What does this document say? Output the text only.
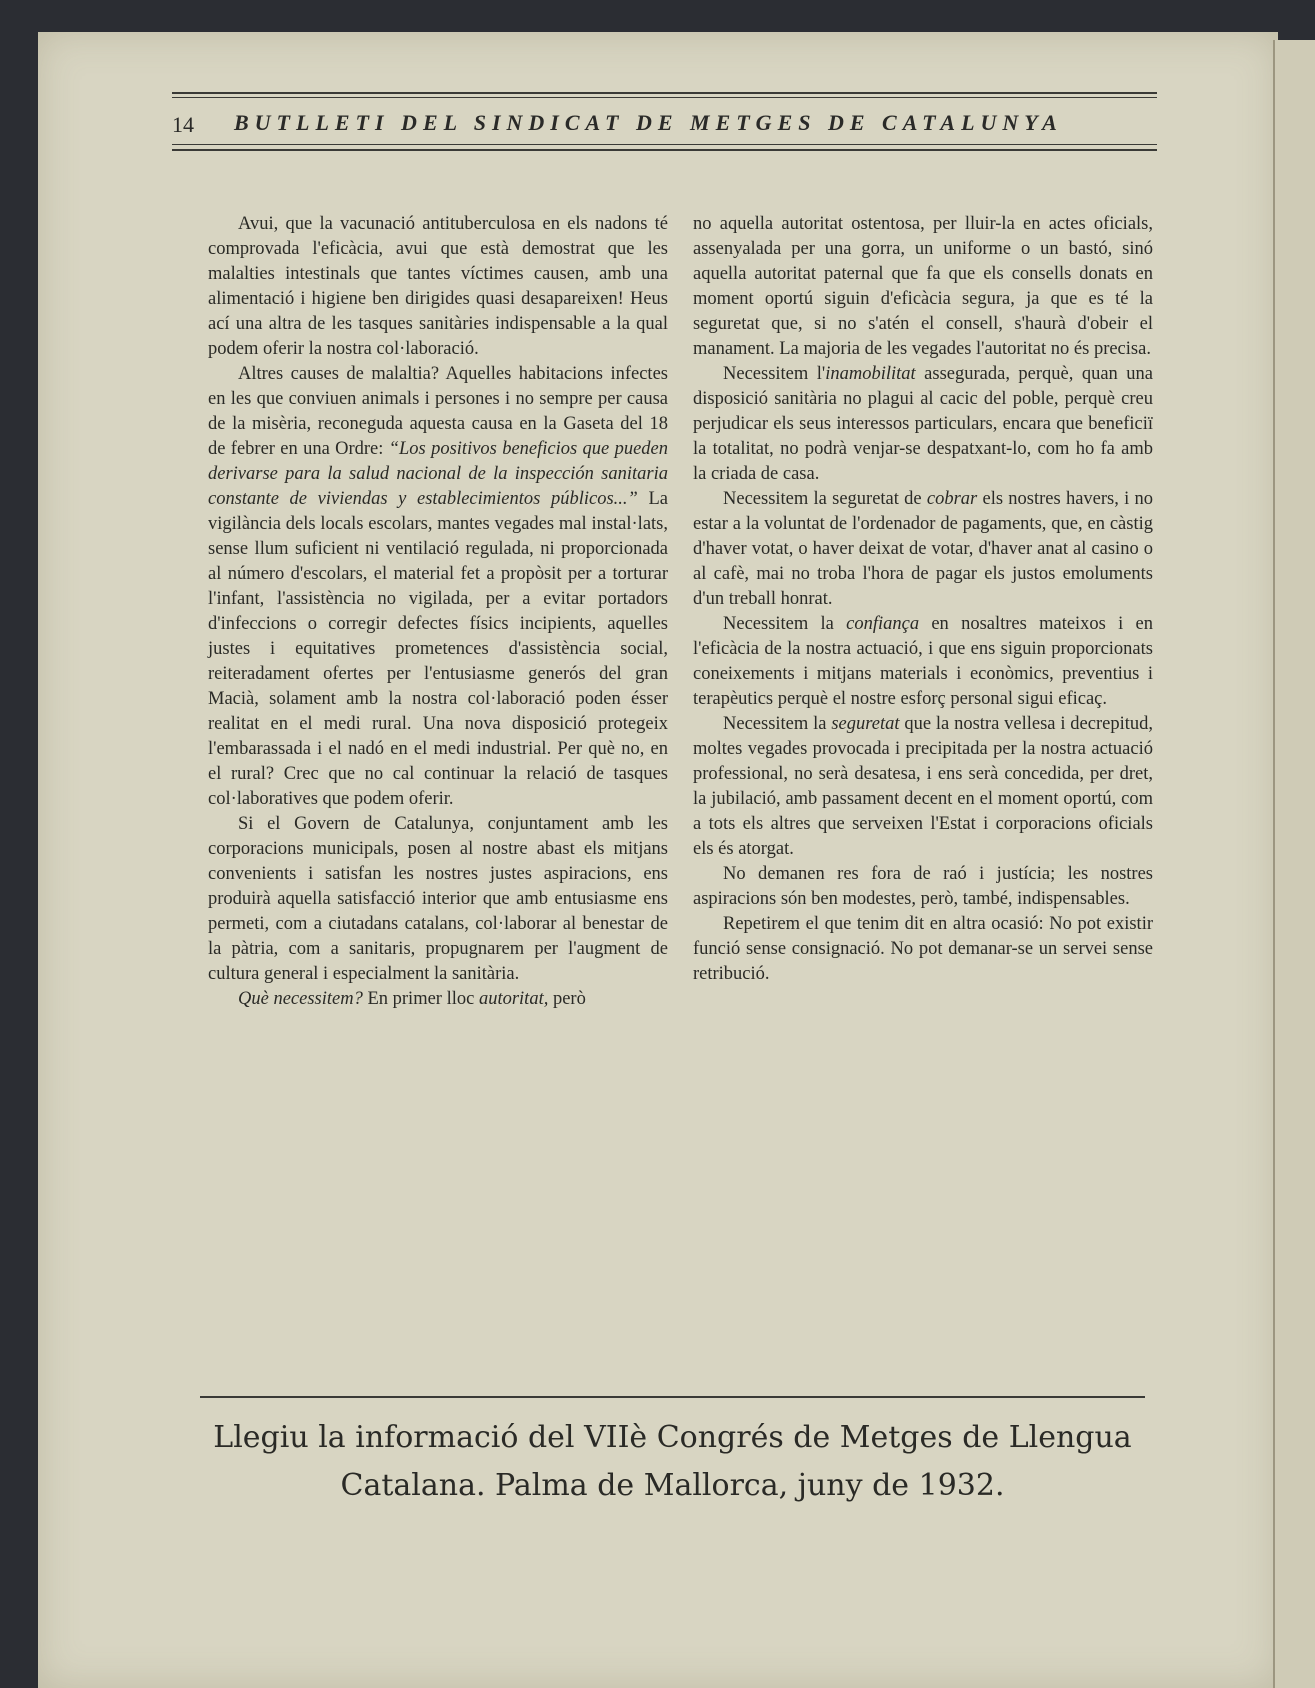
14 BUTLLETI DEL SINDICAT DE METGES DE CATALUNYA

Avui, que la vacunació antituberculosa en els nadons té comprovada l'eficàcia, avui que està demostrat que les malalties intestinals que tantes víctimes causen, amb una alimentació i higiene ben dirigides quasi desapareixen! Heus ací una altra de les tasques sanitàries indispensable a la qual podem oferir la nostra col·laboració.

Altres causes de malaltia? Aquelles habitacions infectes en les que conviuen animals i persones i no sempre per causa de la misèria, reconeguda aquesta causa en la Gaseta del 18 de febrer en una Ordre: “Los positivos beneficios que pueden derivarse para la salud nacional de la inspección sanitaria constante de viviendas y establecimientos públicos...” La vigilància dels locals escolars, mantes vegades mal instal·lats, sense llum suficient ni ventilació regulada, ni proporcionada al número d'escolars, el material fet a propòsit per a torturar l'infant, l'assistència no vigilada, per a evitar portadors d'infeccions o corregir defectes físics incipients, aquelles justes i equitatives prometences d'assistència social, reiteradament ofertes per l'entusiasme generós del gran Macià, solament amb la nostra col·laboració poden ésser realitat en el medi rural. Una nova disposició protegeix l'embarassada i el nadó en el medi industrial. Per què no, en el rural? Crec que no cal continuar la relació de tasques col·laboratives que podem oferir.

Si el Govern de Catalunya, conjuntament amb les corporacions municipals, posen al nostre abast els mitjans convenients i satisfan les nostres justes aspiracions, ens produirà aquella satisfacció interior que amb entusiasme ens permeti, com a ciutadans catalans, col·laborar al benestar de la pàtria, com a sanitaris, propugnarem per l'augment de cultura general i especialment la sanitària.

Què necessitem? En primer lloc autoritat, però

no aquella autoritat ostentosa, per lluir-la en actes oficials, assenyalada per una gorra, un uniforme o un bastó, sinó aquella autoritat paternal que fa que els consells donats en moment oportú siguin d'eficàcia segura, ja que es té la seguretat que, si no s'atén el consell, s'haurà d'obeir el manament. La majoria de les vegades l'autoritat no és precisa.

Necessitem l'inamobilitat assegurada, perquè, quan una disposició sanitària no plagui al cacic del poble, perquè creu perjudicar els seus interessos particulars, encara que beneficiï la totalitat, no podrà venjar-se despatxant-lo, com ho fa amb la criada de casa.

Necessitem la seguretat de cobrar els nostres havers, i no estar a la voluntat de l'ordenador de pagaments, que, en càstig d'haver votat, o haver deixat de votar, d'haver anat al casino o al cafè, mai no troba l'hora de pagar els justos emoluments d'un treball honrat.

Necessitem la confiança en nosaltres mateixos i en l'eficàcia de la nostra actuació, i que ens siguin proporcionats coneixements i mitjans materials i econòmics, preventius i terapèutics perquè el nostre esforç personal sigui eficaç.

Necessitem la seguretat que la nostra vellesa i decrepitud, moltes vegades provocada i precipitada per la nostra actuació professional, no serà desatesa, i ens serà concedida, per dret, la jubilació, amb passament decent en el moment oportú, com a tots els altres que serveixen l'Estat i corporacions oficials els és atorgat.

No demanen res fora de raó i justícia; les nostres aspiracions són ben modestes, però, també, indispensables.

Repetirem el que tenim dit en altra ocasió: No pot existir funció sense consignació. No pot demanar-se un servei sense retribució.

Llegiu la informació del VIIè Congrés de Metges de Llengua
Catalana. Palma de Mallorca, juny de 1932.
